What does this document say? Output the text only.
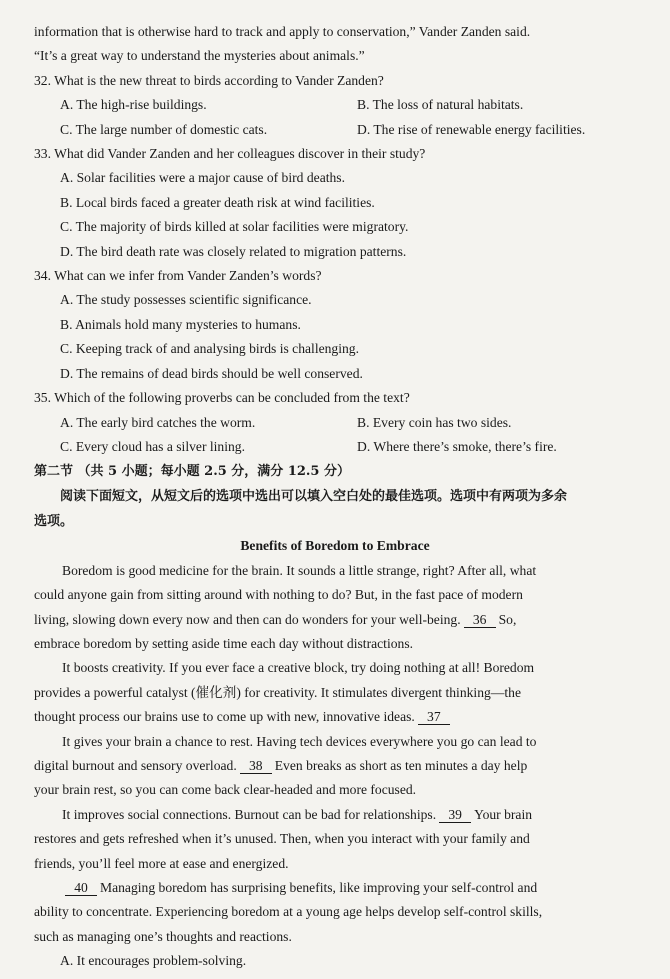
information that is otherwise hard to track and apply to conservation,” Vander Zanden said.
“It’s a great way to understand the mysteries about animals.”
32. What is the new threat to birds according to Vander Zanden?
A. The high-rise buildings.	B. The loss of natural habitats.
C. The large number of domestic cats.	D. The rise of renewable energy facilities.
33. What did Vander Zanden and her colleagues discover in their study?
A. Solar facilities were a major cause of bird deaths.
B. Local birds faced a greater death risk at wind facilities.
C. The majority of birds killed at solar facilities were migratory.
D. The bird death rate was closely related to migration patterns.
34. What can we infer from Vander Zanden’s words?
A. The study possesses scientific significance.
B. Animals hold many mysteries to humans.
C. Keeping track of and analysing birds is challenging.
D. The remains of dead birds should be well conserved.
35. Which of the following proverbs can be concluded from the text?
A. The early bird catches the worm.	B. Every coin has two sides.
C. Every cloud has a silver lining.	D. Where there’s smoke, there’s fire.
第二节 （共 5 小题；每小题 2.5 分，满分 12.5 分）
阅读下面短文，从短文后的选项中选出可以填入空白处的最佳选项。选项中有两项为多余
选项。
Benefits of Boredom to Embrace
Boredom is good medicine for the brain. It sounds a little strange, right? After all, what
could anyone gain from sitting around with nothing to do? But, in the fast pace of modern
living, slowing down every now and then can do wonders for your well-being. 36 So,
embrace boredom by setting aside time each day without distractions.
It boosts creativity. If you ever face a creative block, try doing nothing at all! Boredom
provides a powerful catalyst (催化剂) for creativity. It stimulates divergent thinking—the
thought process our brains use to come up with new, innovative ideas. 37
It gives your brain a chance to rest. Having tech devices everywhere you go can lead to
digital burnout and sensory overload. 38 Even breaks as short as ten minutes a day help
your brain rest, so you can come back clear-headed and more focused.
It improves social connections. Burnout can be bad for relationships. 39 Your brain
restores and gets refreshed when it’s unused. Then, when you interact with your family and
friends, you’ll feel more at ease and energized.
40 Managing boredom has surprising benefits, like improving your self-control and
ability to concentrate. Experiencing boredom at a young age helps develop self-control skills,
such as managing one’s thoughts and reactions.
A. It encourages problem-solving.
